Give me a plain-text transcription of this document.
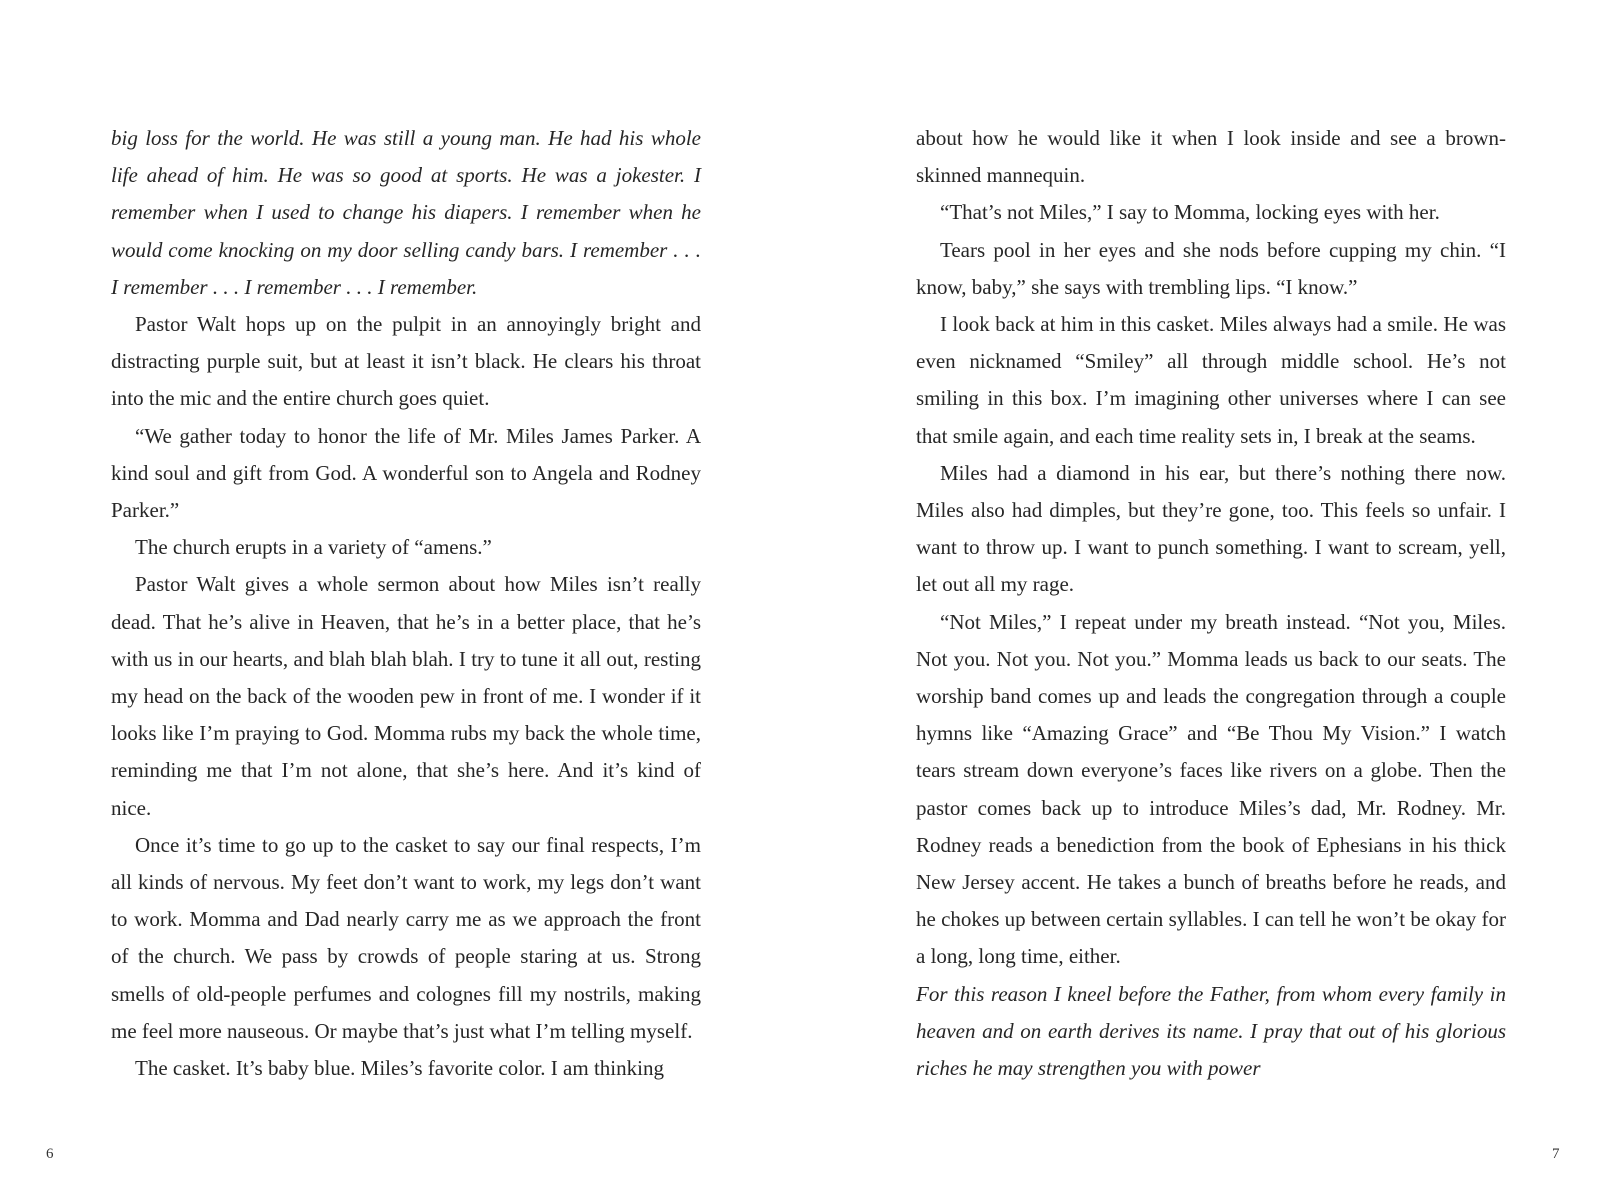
big loss for the world. He was still a young man. He had his whole life ahead of him. He was so good at sports. He was a jokester. I remember when I used to change his diapers. I remember when he would come knocking on my door selling candy bars. I remember . . . I remember . . . I remember . . . I remember.

Pastor Walt hops up on the pulpit in an annoyingly bright and distracting purple suit, but at least it isn’t black. He clears his throat into the mic and the entire church goes quiet.

“We gather today to honor the life of Mr. Miles James Parker. A kind soul and gift from God. A wonderful son to Angela and Rodney Parker.”

The church erupts in a variety of “amens.”

Pastor Walt gives a whole sermon about how Miles isn’t really dead. That he’s alive in Heaven, that he’s in a better place, that he’s with us in our hearts, and blah blah blah. I try to tune it all out, resting my head on the back of the wooden pew in front of me. I wonder if it looks like I’m praying to God. Momma rubs my back the whole time, reminding me that I’m not alone, that she’s here. And it’s kind of nice.

Once it’s time to go up to the casket to say our final respects, I’m all kinds of nervous. My feet don’t want to work, my legs don’t want to work. Momma and Dad nearly carry me as we approach the front of the church. We pass by crowds of people staring at us. Strong smells of old-people perfumes and colognes fill my nostrils, making me feel more nauseous. Or maybe that’s just what I’m telling myself.

The casket. It’s baby blue. Miles’s favorite color. I am thinking

6

about how he would like it when I look inside and see a brown-skinned mannequin.

“That’s not Miles,” I say to Momma, locking eyes with her.

Tears pool in her eyes and she nods before cupping my chin. “I know, baby,” she says with trembling lips. “I know.”

I look back at him in this casket. Miles always had a smile. He was even nicknamed “Smiley” all through middle school. He’s not smiling in this box. I’m imagining other universes where I can see that smile again, and each time reality sets in, I break at the seams.

Miles had a diamond in his ear, but there’s nothing there now. Miles also had dimples, but they’re gone, too. This feels so unfair. I want to throw up. I want to punch something. I want to scream, yell, let out all my rage.

“Not Miles,” I repeat under my breath instead. “Not you, Miles. Not you. Not you. Not you.” Momma leads us back to our seats. The worship band comes up and leads the congregation through a couple hymns like “Amazing Grace” and “Be Thou My Vision.” I watch tears stream down everyone’s faces like rivers on a globe. Then the pastor comes back up to introduce Miles’s dad, Mr. Rodney. Mr. Rodney reads a benediction from the book of Ephesians in his thick New Jersey accent. He takes a bunch of breaths before he reads, and he chokes up between certain syllables. I can tell he won’t be okay for a long, long time, either.

For this reason I kneel before the Father, from whom every family in heaven and on earth derives its name. I pray that out of his glorious riches he may strengthen you with power

7
